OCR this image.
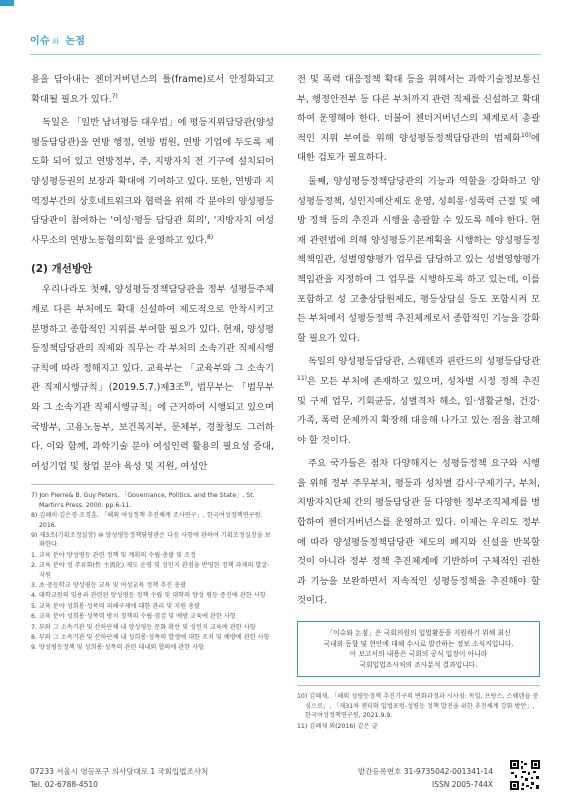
이슈 와 논점

용을 담아내는 젠더거버넌스의 틀(frame)로서 안정화되고 확대될 필요가 있다.$^{7)}$

독일은 「일반 남녀평등 대우법」에 평등지위담당관(양성평등담당관)을 연방 행정, 연방 법원, 연방 기업에 두도록 제도화 되어 있고 연방정부, 주, 지방자치 전 기구에 설치되어 양성평등권의 보장과 확대에 기여하고 있다. 또한, 연방과 지역정부간의 상호네트워크와 협력을 위해 각 분야의 양성평등담당관이 참여하는 '여성·평등 담당관 회의', '지방자치 여성사무소의 연방노동협의회'를 운영하고 있다.$^{8)}$

(2) 개선방안

우리나라도 첫째, 양성평등정책담당관을 정부 성평등주체계로 다른 부처에도 확대 신설하여 제도적으로 안착시키고 분명하고 종합적인 지위를 부여할 필요가 있다. 현재, 양성평등정책담당관의 직제와 직무는 각 부처의 소속기관 직제시행규칙에 따라 정해지고 있다. 교육부는 「교육부와 그 소속기관 직제시행규칙」(2019.5.7.)제3조$^{9)}$, 법무부는 「법무부와 그 소속기관 직제시행규칙」에 근거하여 시행되고 있으며 국방부, 고용노동부, 보건복지부, 문체부, 경찰청도 그러하다. 이와 함께, 과학기술 분야 여성인력 활용의 필요성 증대, 여성기업 및 창업 분야 육성 및 지원, 여성안

7) Jon Pierre& B. Guy Peters, 「Governance, Politics, and the State」, St. Martin's Press. 2000. pp.6-11.
8) 김혜미·김은경·조경훈, 「해외 여성정책 추진체계 조사연구」, 한국여성정책연구원. 2016.
9) 제3조(기획조정실장) ⑩ 양성평등정책담당관은 다음 사항에 관하여 기획조정실장을 보좌한다.
1. 교육 분야 양성평등 관련 정책 및 계획의 수립·총괄 및 조정
2. 교육 분야 성 주류화(性 主流化) 제도 운영 및 성인지 관점을 반영한 정책 과제의 발굴·지원
3. 초·중등학교 양성평등 교육 및 여성교육 정책 추진 총괄
4. 대학교원의 임용과 관련된 양성평등 정책 수립 및 대학의 양성 평등 증진에 관한 사항
5. 교육 분야 성희롱·성폭력 피해구제에 대한 관리 및 지원 총괄
6. 교육 분야 성희롱·성폭력 방지 정책의 수립·점검 및 예방 교육에 관한 사항
7. 부와 그 소속기관 및 산하단체 내 양성평등 문화 확산 및 성인지 교육에 관한 사항
8. 부와 그 소속기관 및 산하단체 내 성희롱·성폭력 발생에 대한 조치 및 예방에 관한 사항
9. 양성평등정책 및 성희롱·성폭력 관련 대내외 협의에 관한 사항

전 및 폭력 대응정책 확대 등을 위해서는 과학기술정보통신부, 행정안전부 등 다른 부처까지 관련 직제를 신설하고 확대하여 운영해야 한다. 더불어 젠더거버넌스의 체계로서 총괄적인 지위 부여를 위해 양성평등정책담당관의 법제화$^{10)}$에 대한 검토가 필요하다.

둘째, 양성평등정책담당관의 기능과 역할을 강화하고 양성평등정책, 성인지예산제도 운영, 성희롱·성폭력 근절 및 예방 정책 등의 추진과 시행을 총괄할 수 있도록 해야 한다. 현재 관련법에 의해 양성평등기본계획을 시행하는 양성평등정책책임관, 성별영향평가 업무를 담당하고 있는 성별영향평가책임관을 지정하여 그 업무를 시행하도록 하고 있는데, 이를 포함하고 성 고충상담원제도, 평등상담실 등도 포함시켜 모든 부처에서 성평등정책 추진체계로서 종합적인 기능을 강화할 필요가 있다.

독일의 양성평등담당관, 스웨덴과 핀란드의 성평등담당관$^{11)}$은 모든 부처에 존재하고 있으며, 성차별 시정 정책 추진 및 구제 업무, 기회균등, 성별격차 해소, 일·생활균형, 건강·가족, 폭력 문제까지 확장해 대응해 나가고 있는 점을 참고해야 할 것이다.

주요 국가들은 점차 다양해지는 성평등정책 요구와 시행을 위해 정부 주무부처, 평등과 성차별 감시·구제기구, 부처,지방자치단체 간의 평등담당관 등 다양한 정부조직체계를 병합하여 젠더거버넌스를 운영하고 있다. 이제는 우리도 정부에 따라 양성평등정책담당관 제도의 폐지와 신설을 반복할 것이 아니라 정부 정책 추진체계에 기반하여 구체적인 권한과 기능을 보완하면서 지속적인 성평등정책을 추진해야 할 것이다.

「이슈와 논점」은 국회의원의 입법활동을 지원하기 위해 최신
국내외 동향 및 현안에 대해 수시로 발간하는 정보 소식지입니다.
이 보고서의 내용은 국회의 공식 입장이 아니라
국회입법조사처의 조사분석 결과입니다.
10) 김혜재, 「해외 성평등정책 추진기구의 변화과정과 시사점: 독일, 프랑스, 스웨덴을 중심으로」, 「제31차 젠더와 입법포럼-성평등 정책 발전을 위한 추진체계 강화 방안」, 한국여성정책연구원, 2021.9.9.
11) 김혜재 외(2016) 같은 글
07233 서울시 영등포구 의사당대로 1 국회입법조사처
Tel. 02-6788-4510
발간등록번호 31-9735042-001341-14
ISSN 2005-744X
